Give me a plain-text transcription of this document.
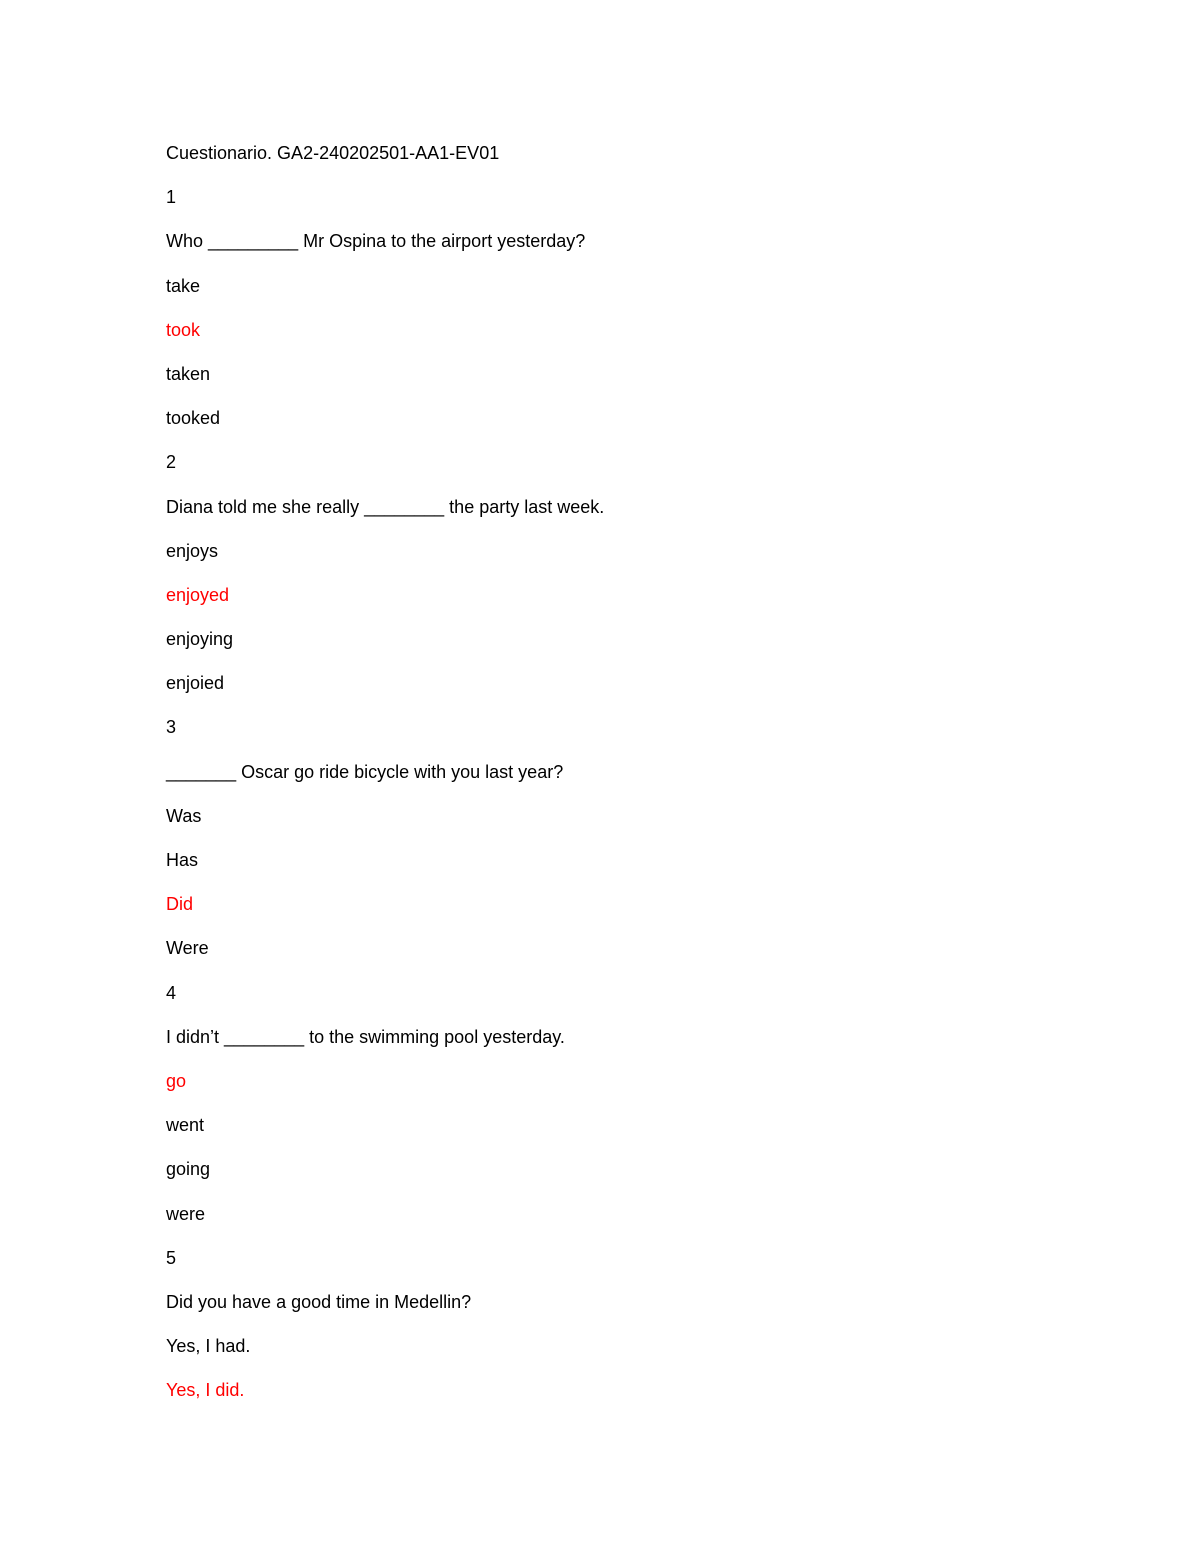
Cuestionario. GA2-240202501-AA1-EV01
1
Who _________ Mr Ospina to the airport yesterday?
take
took
taken
tooked
2
Diana told me she really ________ the party last week.
enjoys
enjoyed
enjoying
enjoied
3
_______ Oscar go ride bicycle with you last year?
Was
Has
Did
Were
4
I didn’t ________ to the swimming pool yesterday.
go
went
going
were
5
Did you have a good time in Medellin?
Yes, I had.
Yes, I did.
